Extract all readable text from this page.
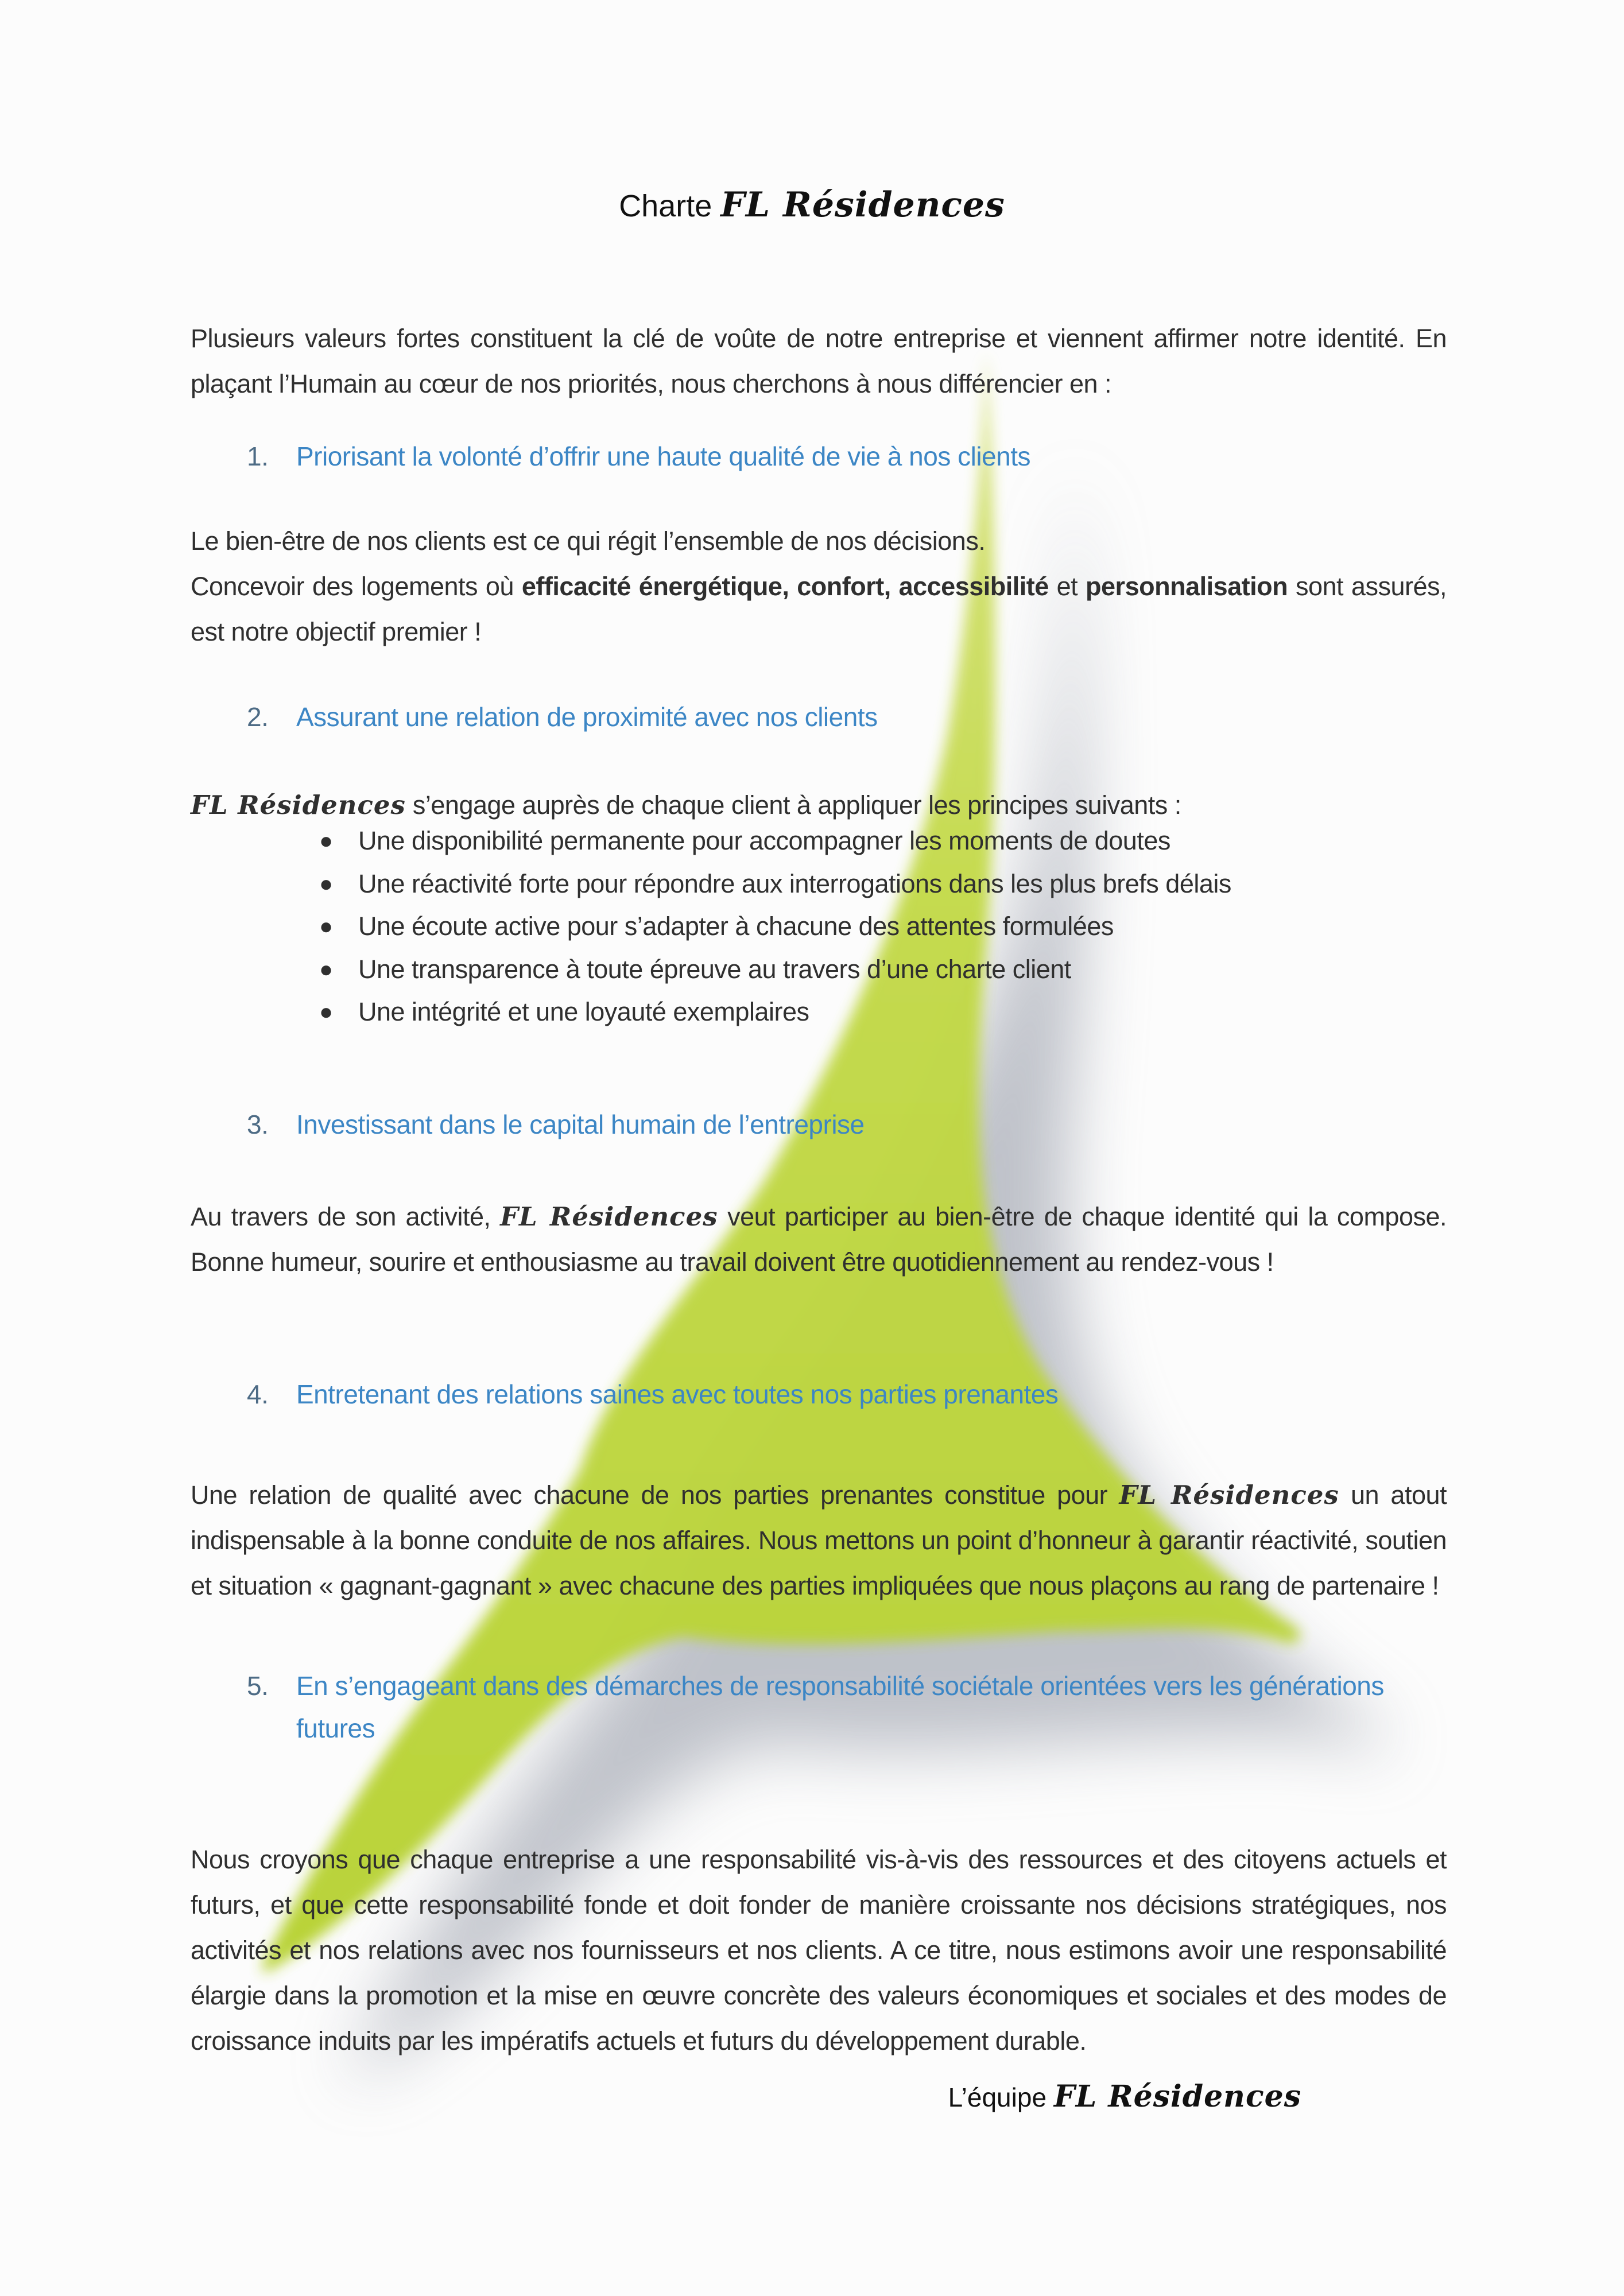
Charte FL Résidences

Plusieurs valeurs fortes constituent la clé de voûte de notre entreprise et viennent affirmer notre identité. En plaçant l’Humain au cœur de nos priorités, nous cherchons à nous différencier en :

1.	Priorisant la volonté d’offrir une haute qualité de vie à nos clients

Le bien-être de nos clients est ce qui régit l’ensemble de nos décisions.
Concevoir des logements où efficacité énergétique, confort, accessibilité et personnalisation sont assurés, est notre objectif premier !

2.	Assurant une relation de proximité avec nos clients

FL Résidences s’engage auprès de chaque client à appliquer les principes suivants :

● Une disponibilité permanente pour accompagner les moments de doutes
● Une réactivité forte pour répondre aux interrogations dans les plus brefs délais
● Une écoute active pour s’adapter à chacune des attentes formulées
● Une transparence à toute épreuve au travers d’une charte client
● Une intégrité et une loyauté exemplaires
3.	Investissant dans le capital humain de l’entreprise

Au travers de son activité, FL Résidences veut participer au bien-être de chaque identité qui la compose. Bonne humeur, sourire et enthousiasme au travail doivent être quotidiennement au rendez-vous !

4.	Entretenant des relations saines avec toutes nos parties prenantes

Une relation de qualité avec chacune de nos parties prenantes constitue pour FL Résidences un atout indispensable à la bonne conduite de nos affaires. Nous mettons un point d’honneur à garantir réactivité, soutien et situation « gagnant-gagnant » avec chacune des parties impliquées que nous plaçons au rang de partenaire !

5.	En s’engageant dans des démarches de responsabilité sociétale orientées vers les générations futures

Nous croyons que chaque entreprise a une responsabilité vis-à-vis des ressources et des citoyens actuels et futurs, et que cette responsabilité fonde et doit fonder de manière croissante nos décisions stratégiques, nos activités et nos relations avec nos fournisseurs et nos clients. A ce titre, nous estimons avoir une responsabilité élargie dans la promotion et la mise en œuvre concrète des valeurs économiques et sociales et des modes de croissance induits par les impératifs actuels et futurs du développement durable.

L’équipe FL Résidences
